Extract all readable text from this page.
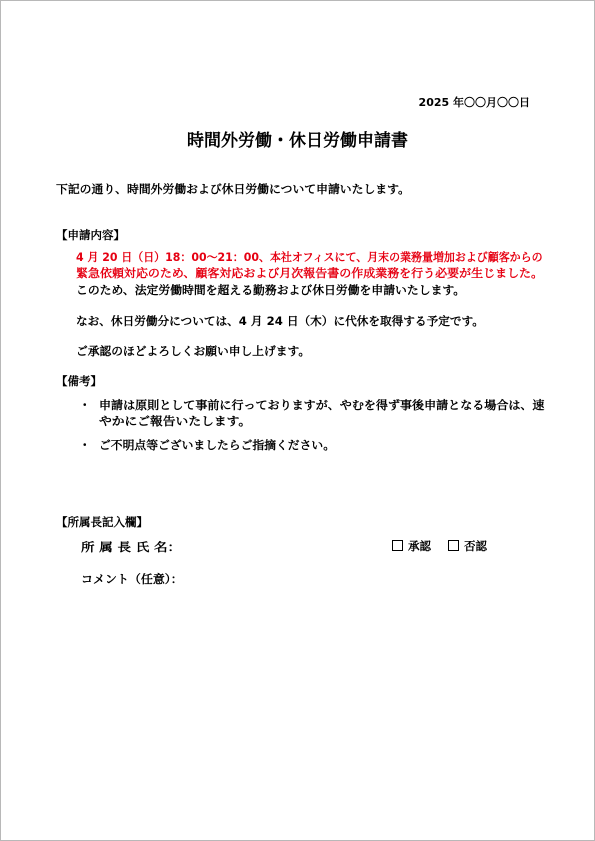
2025 年〇〇月〇〇日
時間外労働・休日労働申請書
下記の通り、時間外労働および休日労働について申請いたします。
【申請内容】
4 月 20 日（日）18：00～21：00、本社オフィスにて、月末の業務量増加および顧客からの
緊急依頼対応のため、顧客対応および月次報告書の作成業務を行う必要が生じました。
このため、法定労働時間を超える勤務および休日労働を申請いたします。
なお、休日労働分については、4 月 24 日（木）に代休を取得する予定です。
ご承認のほどよろしくお願い申し上げます。
【備考】
・ 申請は原則として事前に行っておりますが、やむを得ず事後申請となる場合は、速
やかにご報告いたします。
・ ご不明点等ございましたらご指摘ください。
【所属長記入欄】
所 属 長 氏 名：	承認	否認
コメント（任意）：
